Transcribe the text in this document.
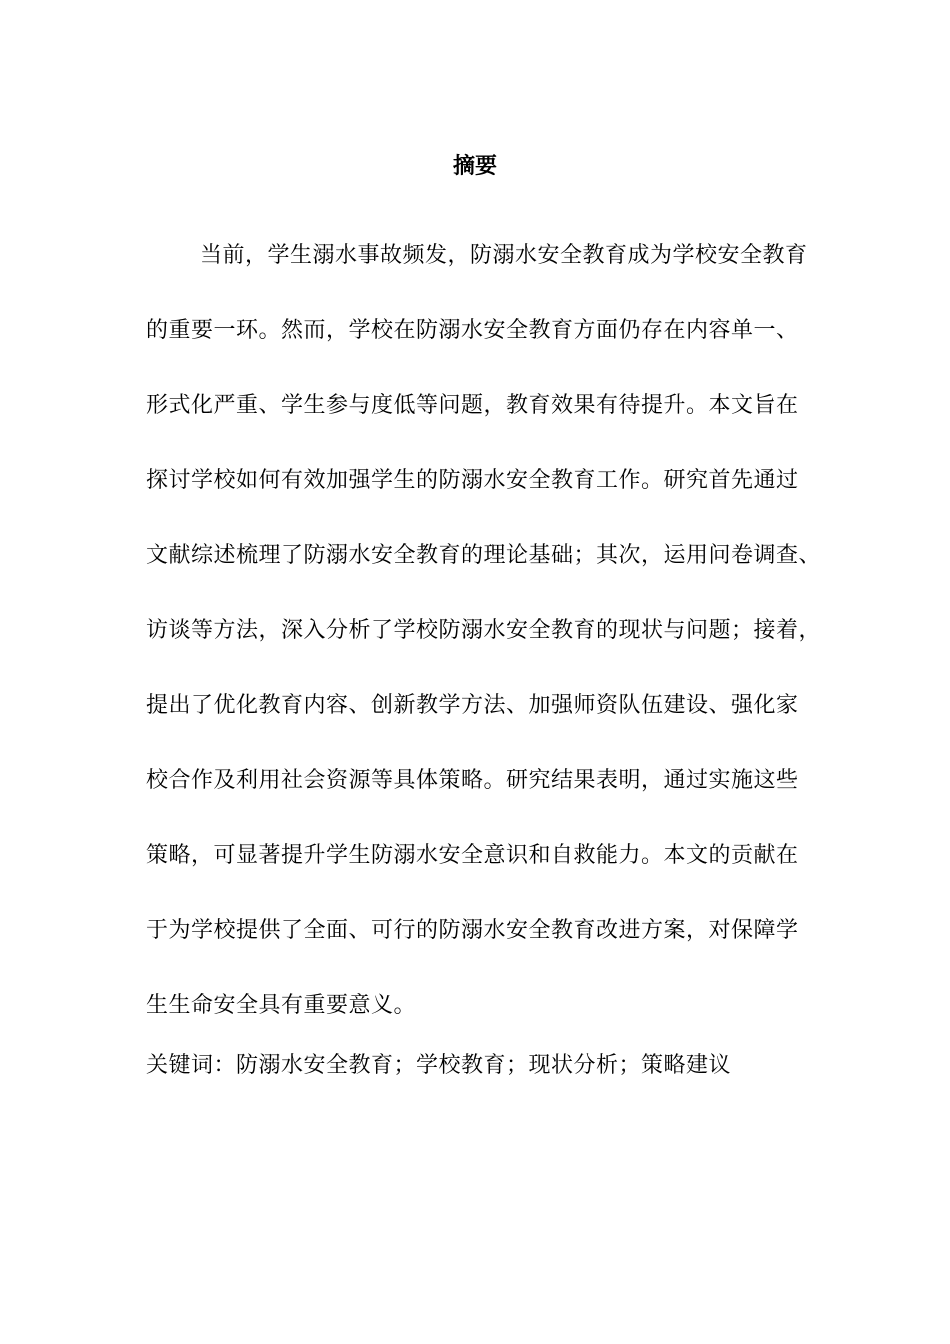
摘要
当前，学生溺水事故频发，防溺水安全教育成为学校安全教育
的重要一环。然而，学校在防溺水安全教育方面仍存在内容单一、
形式化严重、学生参与度低等问题，教育效果有待提升。本文旨在
探讨学校如何有效加强学生的防溺水安全教育工作。研究首先通过
文献综述梳理了防溺水安全教育的理论基础；其次，运用问卷调查、
访谈等方法，深入分析了学校防溺水安全教育的现状与问题；接着，
提出了优化教育内容、创新教学方法、加强师资队伍建设、强化家
校合作及利用社会资源等具体策略。研究结果表明，通过实施这些
策略，可显著提升学生防溺水安全意识和自救能力。本文的贡献在
于为学校提供了全面、可行的防溺水安全教育改进方案，对保障学
生生命安全具有重要意义。
关键词：防溺水安全教育；学校教育；现状分析；策略建议
